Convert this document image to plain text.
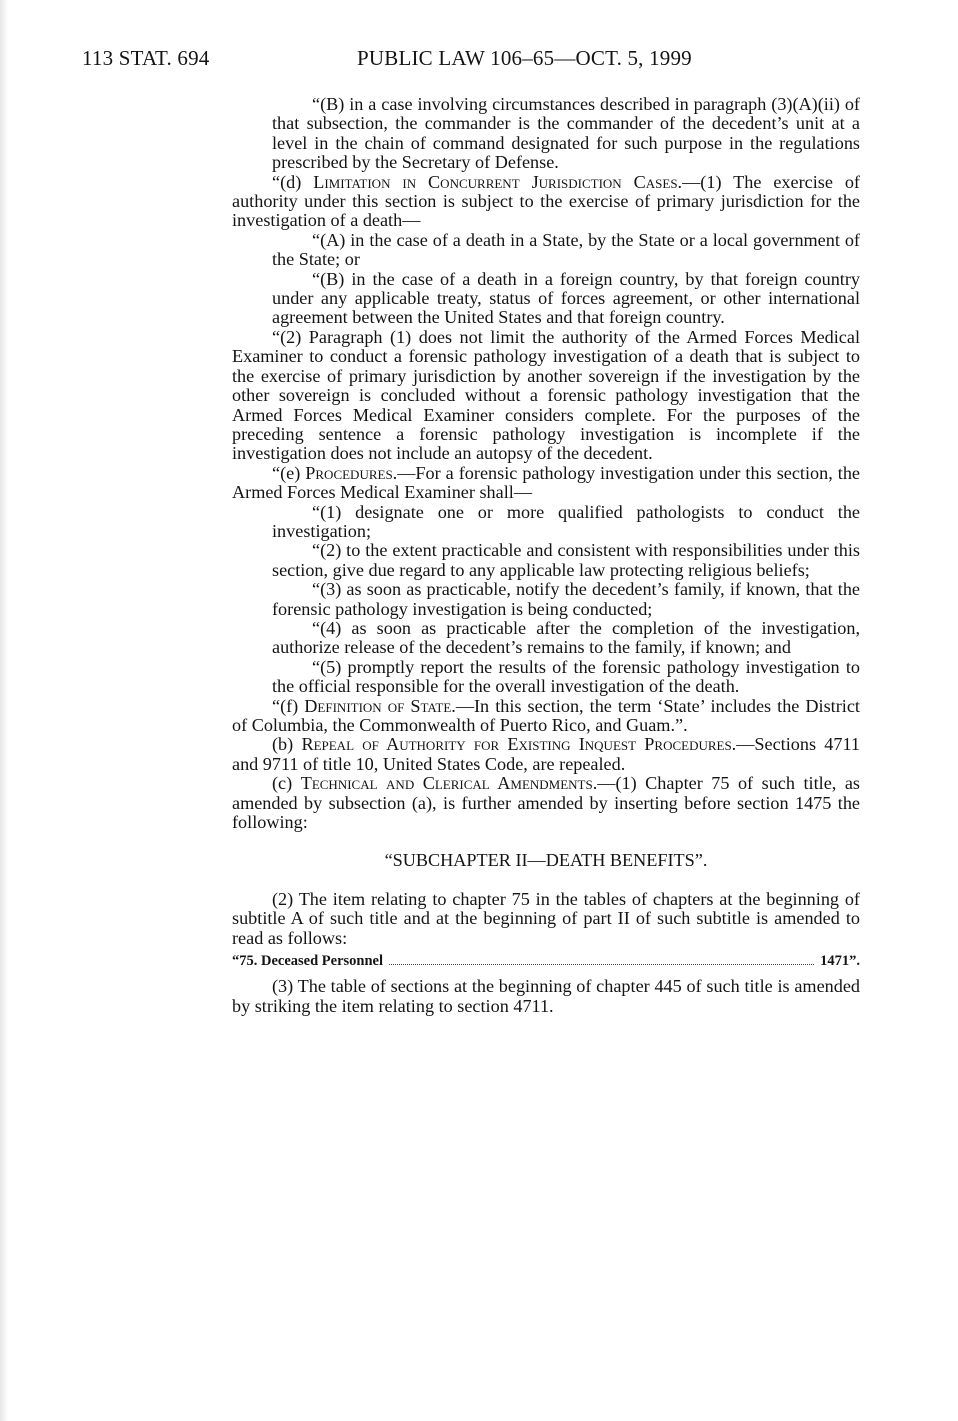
113 STAT. 694	PUBLIC LAW 106–65—OCT. 5, 1999

“(B) in a case involving circumstances described in paragraph (3)(A)(ii) of that subsection, the commander is the commander of the decedent’s unit at a level in the chain of command designated for such purpose in the regulations prescribed by the Secretary of Defense.

“(d) Limitation in Concurrent Jurisdiction Cases.—(1) The exercise of authority under this section is subject to the exercise of primary jurisdiction for the investigation of a death—

“(A) in the case of a death in a State, by the State or a local government of the State; or

“(B) in the case of a death in a foreign country, by that foreign country under any applicable treaty, status of forces agreement, or other international agreement between the United States and that foreign country.

“(2) Paragraph (1) does not limit the authority of the Armed Forces Medical Examiner to conduct a forensic pathology investigation of a death that is subject to the exercise of primary jurisdiction by another sovereign if the investigation by the other sovereign is concluded without a forensic pathology investigation that the Armed Forces Medical Examiner considers complete. For the purposes of the preceding sentence a forensic pathology investigation is incomplete if the investigation does not include an autopsy of the decedent.

“(e) Procedures.—For a forensic pathology investigation under this section, the Armed Forces Medical Examiner shall—

“(1) designate one or more qualified pathologists to conduct the investigation;

“(2) to the extent practicable and consistent with responsibilities under this section, give due regard to any applicable law protecting religious beliefs;

“(3) as soon as practicable, notify the decedent’s family, if known, that the forensic pathology investigation is being conducted;

“(4) as soon as practicable after the completion of the investigation, authorize release of the decedent’s remains to the family, if known; and

“(5) promptly report the results of the forensic pathology investigation to the official responsible for the overall investigation of the death.

“(f) Definition of State.—In this section, the term ‘State’ includes the District of Columbia, the Commonwealth of Puerto Rico, and Guam.”.

(b) Repeal of Authority for Existing Inquest Procedures.—Sections 4711 and 9711 of title 10, United States Code, are repealed.

(c) Technical and Clerical Amendments.—(1) Chapter 75 of such title, as amended by subsection (a), is further amended by inserting before section 1475 the following:

“SUBCHAPTER II—DEATH BENEFITS”.

(2) The item relating to chapter 75 in the tables of chapters at the beginning of subtitle A of such title and at the beginning of part II of such subtitle is amended to read as follows:

“75. Deceased Personnel	1471”.

(3) The table of sections at the beginning of chapter 445 of such title is amended by striking the item relating to section 4711.
